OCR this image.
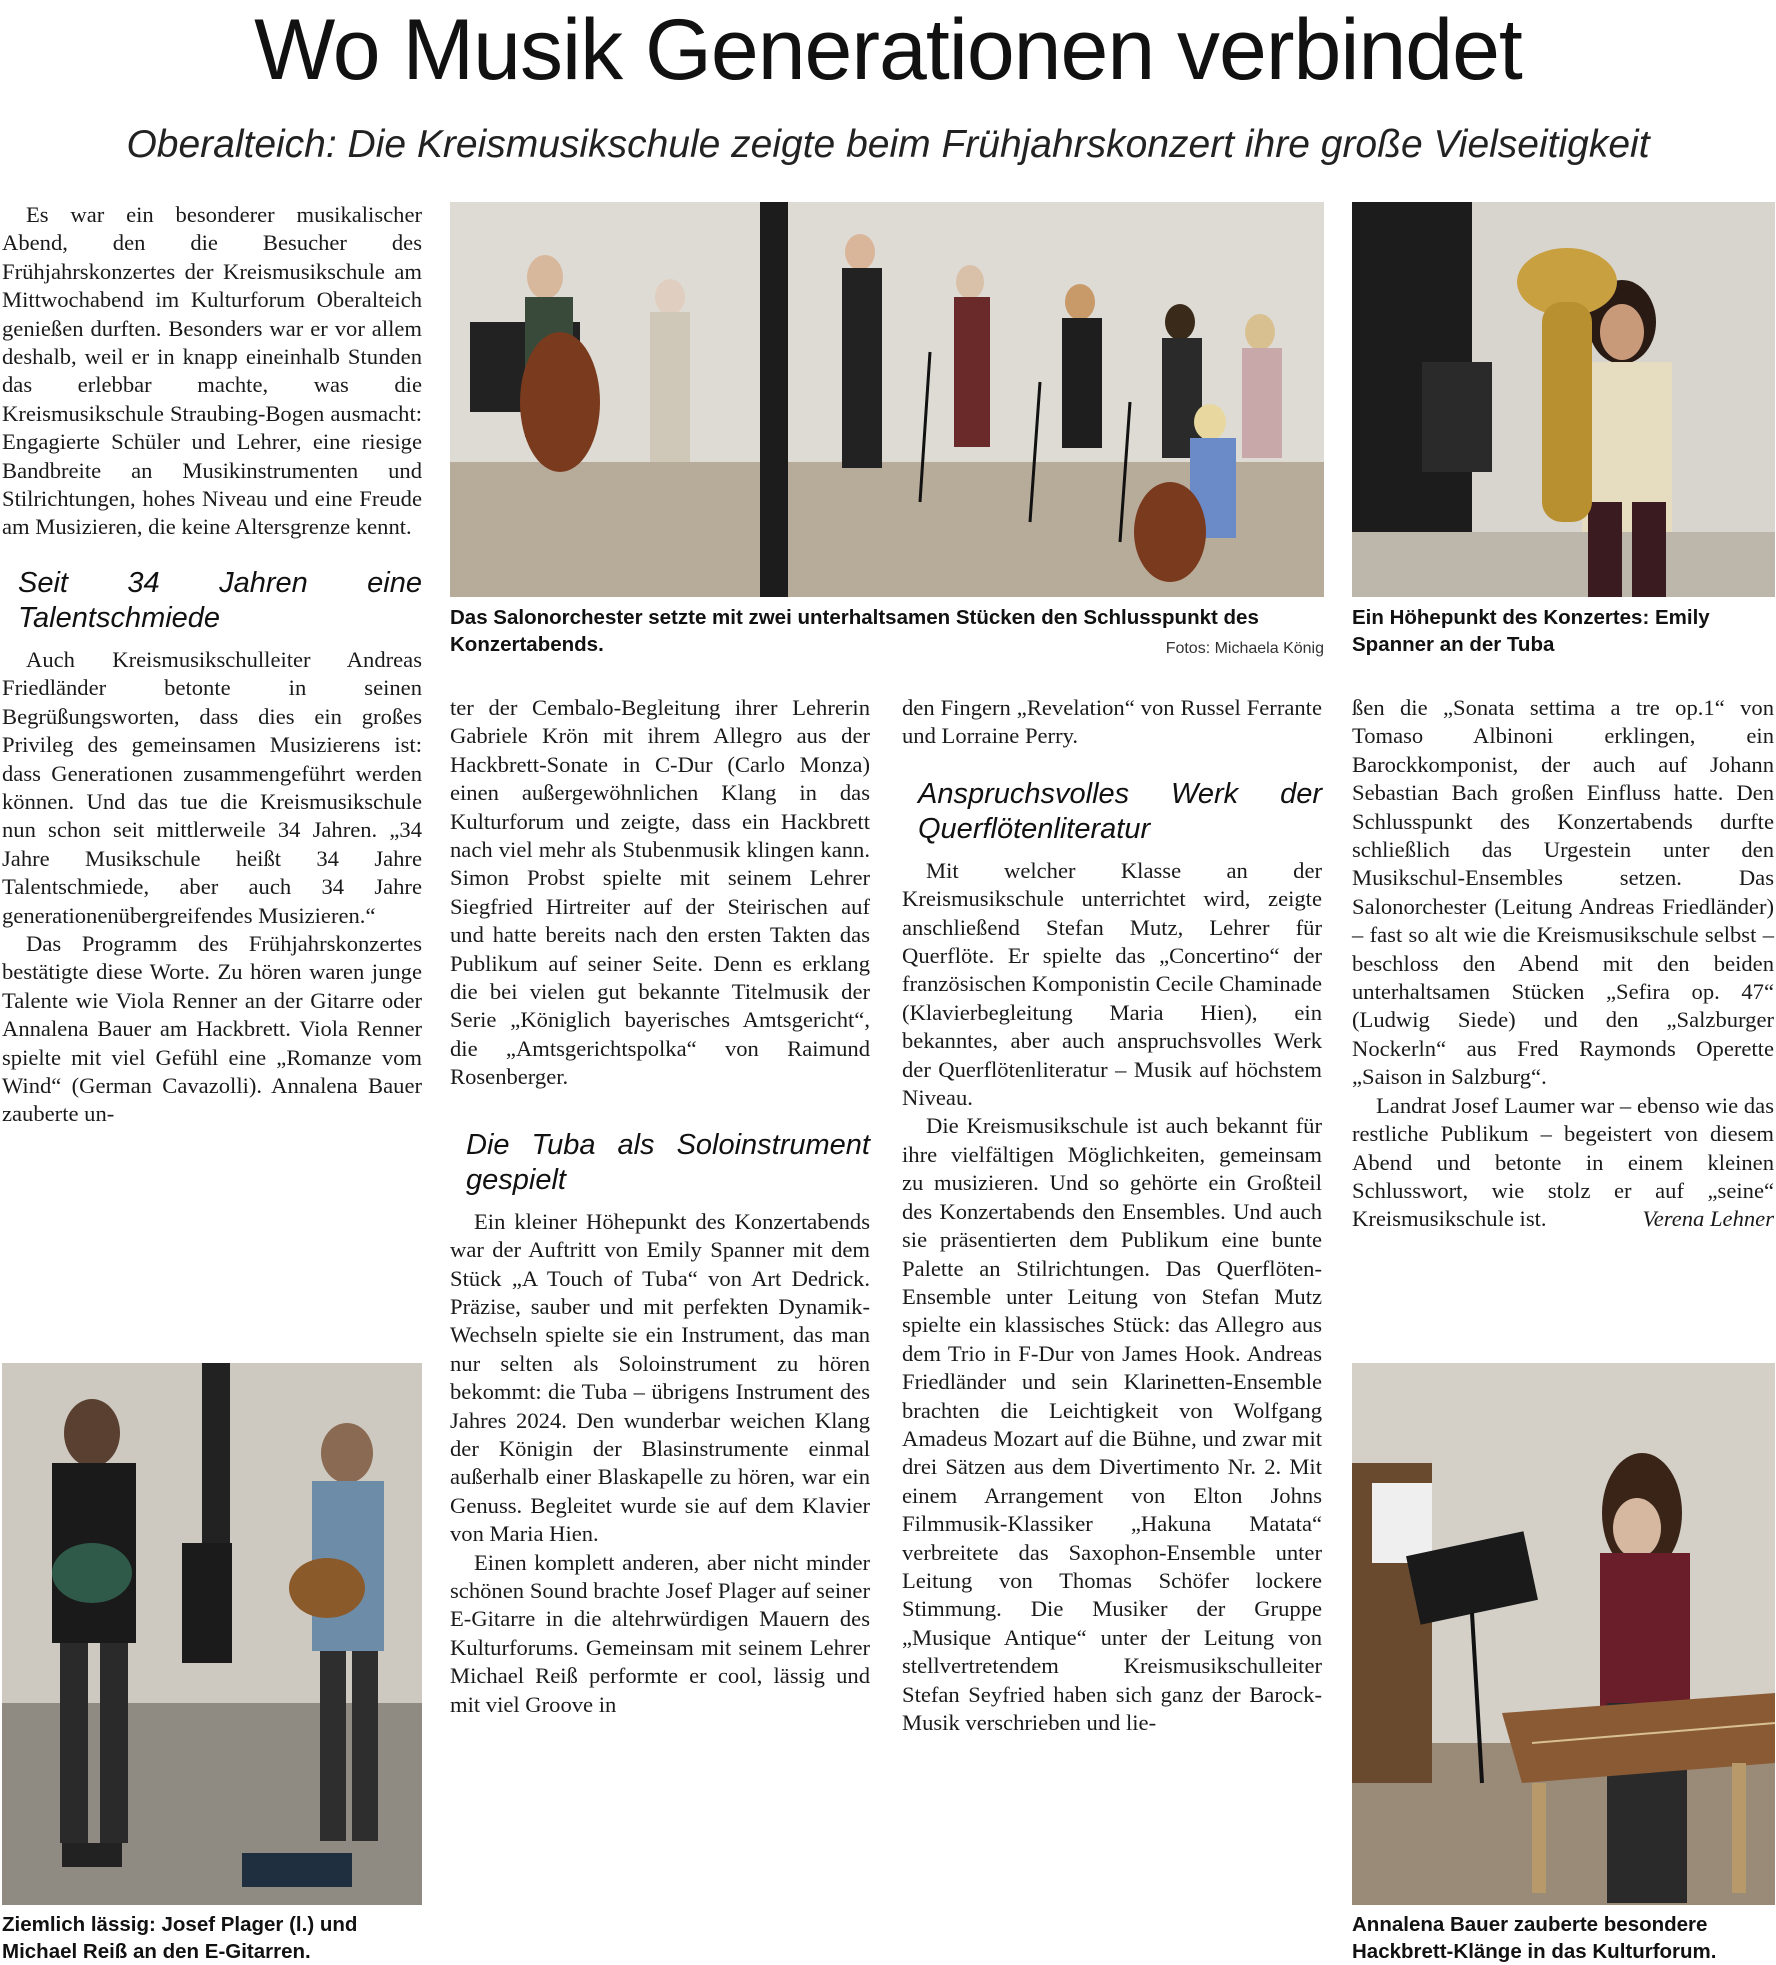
Wo Musik Generationen verbindet
Oberalteich: Die Kreismusikschule zeigte beim Frühjahrskonzert ihre große Vielseitigkeit

Es war ein besonderer musikalischer Abend, den die Besucher des Frühjahrskonzertes der Kreismusikschule am Mittwochabend im Kulturforum Oberalteich genießen durften. Besonders war er vor allem deshalb, weil er in knapp eineinhalb Stunden das erlebbar machte, was die Kreismusikschule Straubing-Bogen ausmacht: Engagierte Schüler und Lehrer, eine riesige Bandbreite an Musikinstrumenten und Stilrichtungen, hohes Niveau und eine Freude am Musizieren, die keine Altersgrenze kennt.

Seit 34 Jahren eine Talentschmiede

Auch Kreismusikschulleiter Andreas Friedländer betonte in seinen Begrüßungsworten, dass dies ein großes Privileg des gemeinsamen Musizierens ist: dass Generationen zusammengeführt werden können. Und das tue die Kreismusikschule nun schon seit mittlerweile 34 Jahren. „34 Jahre Musikschule heißt 34 Jahre Talentschmiede, aber auch 34 Jahre generationenübergreifendes Musizieren.“

Das Programm des Frühjahrskonzertes bestätigte diese Worte. Zu hören waren junge Talente wie Viola Renner an der Gitarre oder Annalena Bauer am Hackbrett. Viola Renner spielte mit viel Gefühl eine „Romanze vom Wind“ (German Cavazolli). Annalena Bauer zauberte un-

Ziemlich lässig: Josef Plager (l.) und Michael Reiß an den E-Gitarren.
Das Salonorchester setzte mit zwei unterhaltsamen Stücken den Schlusspunkt des Konzertabends.	Fotos: Michaela König

ter der Cembalo-Begleitung ihrer Lehrerin Gabriele Krön mit ihrem Allegro aus der Hackbrett-Sonate in C-Dur (Carlo Monza) einen außergewöhnlichen Klang in das Kulturforum und zeigte, dass ein Hackbrett nach viel mehr als Stubenmusik klingen kann. Simon Probst spielte mit seinem Lehrer Siegfried Hirtreiter auf der Steirischen auf und hatte bereits nach den ersten Takten das Publikum auf seiner Seite. Denn es erklang die bei vielen gut bekannte Titelmusik der Serie „Königlich bayerisches Amtsgericht“, die „Amtsgerichtspolka“ von Raimund Rosenberger.

Die Tuba als Soloinstrument gespielt

Ein kleiner Höhepunkt des Konzertabends war der Auftritt von Emily Spanner mit dem Stück „A Touch of Tuba“ von Art Dedrick. Präzise, sauber und mit perfekten Dynamik-Wechseln spielte sie ein Instrument, das man nur selten als Soloinstrument zu hören bekommt: die Tuba – übrigens Instrument des Jahres 2024. Den wunderbar weichen Klang der Königin der Blasinstrumente einmal außerhalb einer Blaskapelle zu hören, war ein Genuss. Begleitet wurde sie auf dem Klavier von Maria Hien.

Einen komplett anderen, aber nicht minder schönen Sound brachte Josef Plager auf seiner E-Gitarre in die altehrwürdigen Mauern des Kulturforums. Gemeinsam mit seinem Lehrer Michael Reiß performte er cool, lässig und mit viel Groove in

den Fingern „Revelation“ von Russel Ferrante und Lorraine Perry.

Anspruchsvolles Werk der Querflötenliteratur

Mit welcher Klasse an der Kreismusikschule unterrichtet wird, zeigte anschließend Stefan Mutz, Lehrer für Querflöte. Er spielte das „Concertino“ der französischen Komponistin Cecile Chaminade (Klavierbegleitung Maria Hien), ein bekanntes, aber auch anspruchsvolles Werk der Querflötenliteratur – Musik auf höchstem Niveau.

Die Kreismusikschule ist auch bekannt für ihre vielfältigen Möglichkeiten, gemeinsam zu musizieren. Und so gehörte ein Großteil des Konzertabends den Ensembles. Und auch sie präsentierten dem Publikum eine bunte Palette an Stilrichtungen. Das Querflöten-Ensemble unter Leitung von Stefan Mutz spielte ein klassisches Stück: das Allegro aus dem Trio in F-Dur von James Hook. Andreas Friedländer und sein Klarinetten-Ensemble brachten die Leichtigkeit von Wolfgang Amadeus Mozart auf die Bühne, und zwar mit drei Sätzen aus dem Divertimento Nr. 2. Mit einem Arrangement von Elton Johns Filmmusik-Klassiker „Hakuna Matata“ verbreitete das Saxophon-Ensemble unter Leitung von Thomas Schöfer lockere Stimmung. Die Musiker der Gruppe „Musique Antique“ unter der Leitung von stellvertretendem Kreismusikschulleiter Stefan Seyfried haben sich ganz der Barock-Musik verschrieben und lie-

Ein Höhepunkt des Konzertes: Emily Spanner an der Tuba

ßen die „Sonata settima a tre op.1“ von Tomaso Albinoni erklingen, ein Barockkomponist, der auch auf Johann Sebastian Bach großen Einfluss hatte. Den Schlusspunkt des Konzertabends durfte schließlich das Urgestein unter den Musikschul-Ensembles setzen. Das Salonorchester (Leitung Andreas Friedländer) – fast so alt wie die Kreismusikschule selbst – beschloss den Abend mit den beiden unterhaltsamen Stücken „Sefira op. 47“ (Ludwig Siede) und den „Salzburger Nockerln“ aus Fred Raymonds Operette „Saison in Salzburg“.

Landrat Josef Laumer war – ebenso wie das restliche Publikum – begeistert von diesem Abend und betonte in einem kleinen Schlusswort, wie stolz er auf „seine“ Kreismusikschule ist.	Verena Lehner

Annalena Bauer zauberte besondere Hackbrett-Klänge in das Kulturforum.
